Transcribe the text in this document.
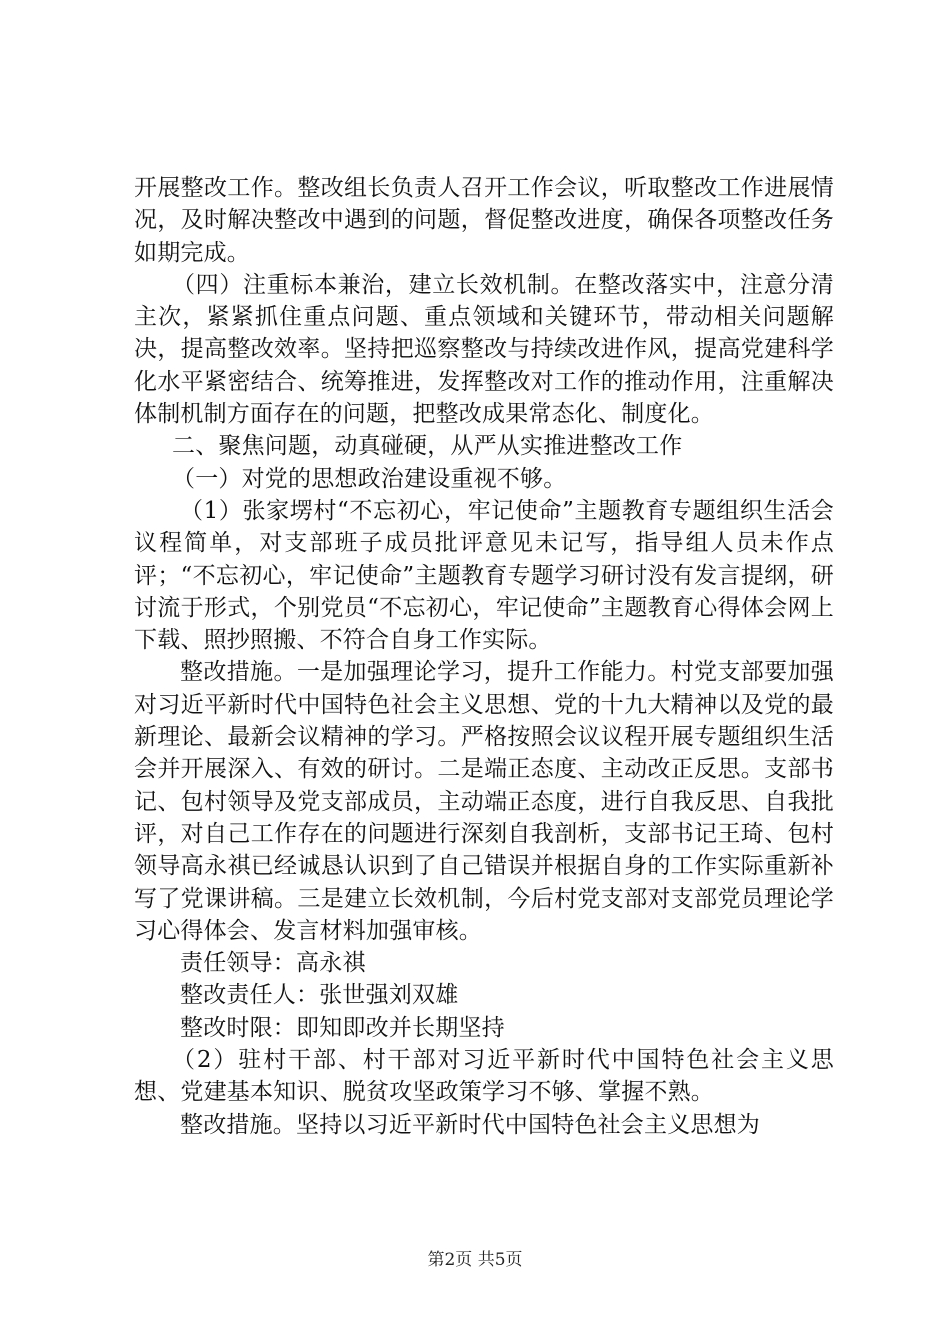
开展整改工作。整改组长负责人召开工作会议，听取整改工作进展情况，及时解决整改中遇到的问题，督促整改进度，确保各项整改任务如期完成。

（四）注重标本兼治，建立长效机制。在整改落实中，注意分清主次，紧紧抓住重点问题、重点领域和关键环节，带动相关问题解决，提高整改效率。坚持把巡察整改与持续改进作风，提高党建科学化水平紧密结合、统筹推进，发挥整改对工作的推动作用，注重解决体制机制方面存在的问题，把整改成果常态化、制度化。

二、聚焦问题，动真碰硬，从严从实推进整改工作

（一）对党的思想政治建设重视不够。

（1）张家塄村“不忘初心，牢记使命”主题教育专题组织生活会议程简单，对支部班子成员批评意见未记写，指导组人员未作点评；“不忘初心，牢记使命”主题教育专题学习研讨没有发言提纲，研讨流于形式，个别党员“不忘初心，牢记使命”主题教育心得体会网上下载、照抄照搬、不符合自身工作实际。

整改措施。一是加强理论学习，提升工作能力。村党支部要加强对习近平新时代中国特色社会主义思想、党的十九大精神以及党的最新理论、最新会议精神的学习。严格按照会议议程开展专题组织生活会并开展深入、有效的研讨。二是端正态度、主动改正反思。支部书记、包村领导及党支部成员，主动端正态度，进行自我反思、自我批评，对自己工作存在的问题进行深刻自我剖析，支部书记王琦、包村领导高永祺已经诚恳认识到了自己错误并根据自身的工作实际重新补写了党课讲稿。三是建立长效机制，今后村党支部对支部党员理论学习心得体会、发言材料加强审核。

责任领导：高永祺

整改责任人：张世强刘双雄

整改时限：即知即改并长期坚持

（2）驻村干部、村干部对习近平新时代中国特色社会主义思想、党建基本知识、脱贫攻坚政策学习不够、掌握不熟。

整改措施。坚持以习近平新时代中国特色社会主义思想为

第2页 共5页
